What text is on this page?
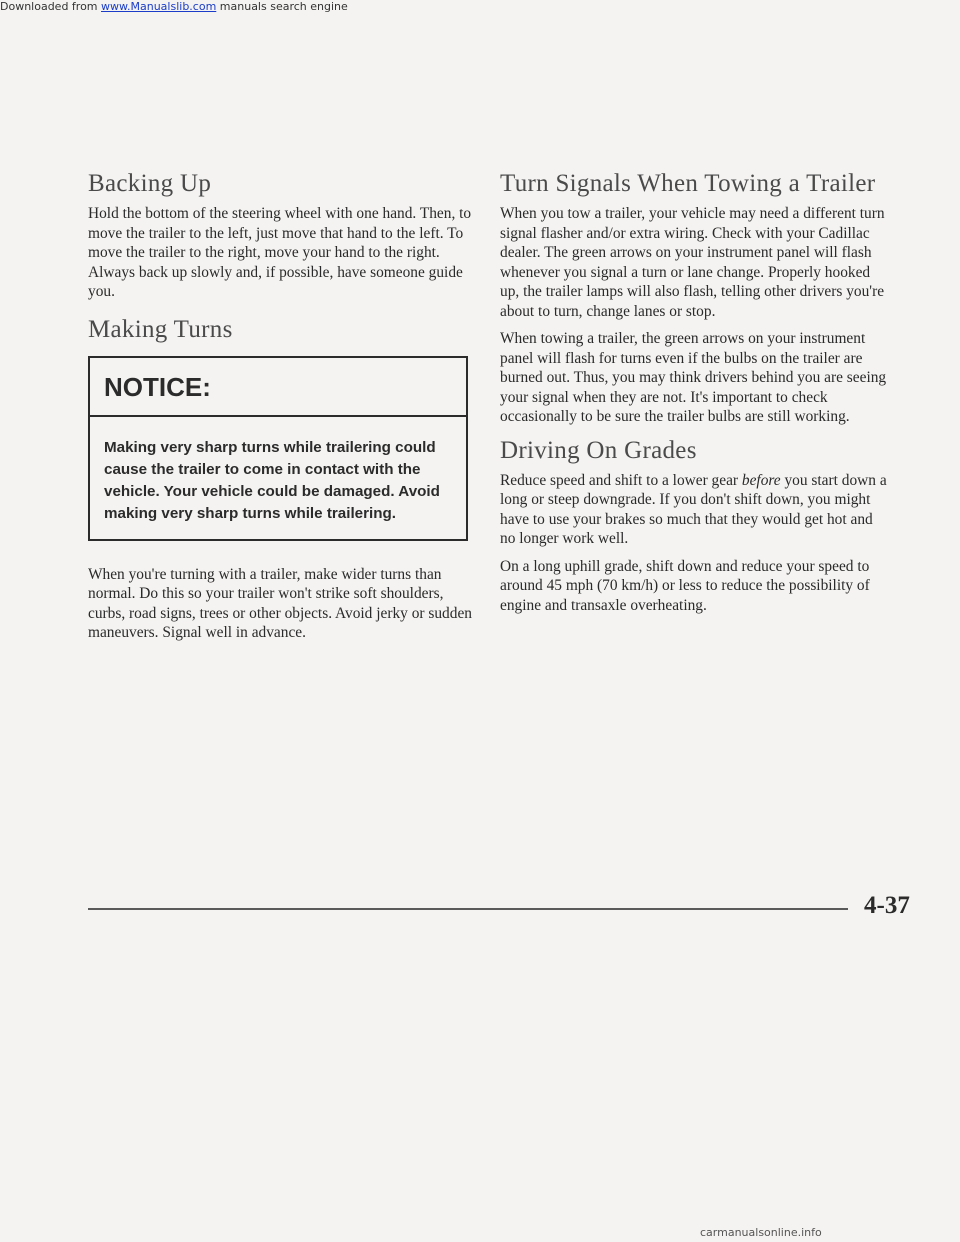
Backing Up

Hold the bottom of the steering wheel with one hand. Then, to move the trailer to the left, just move that hand to the left. To move the trailer to the right, move your hand to the right. Always back up slowly and, if possible, have someone guide you.

Making Turns
NOTICE:
Making very sharp turns while trailering could cause the trailer to come in contact with the vehicle. Your vehicle could be damaged. Avoid making very sharp turns while trailering.

When you're turning with a trailer, make wider turns than normal. Do this so your trailer won't strike soft shoulders, curbs, road signs, trees or other objects. Avoid jerky or sudden maneuvers. Signal well in advance.

Turn Signals When Towing a Trailer

When you tow a trailer, your vehicle may need a different turn signal flasher and/or extra wiring. Check with your Cadillac dealer. The green arrows on your instrument panel will flash whenever you signal a turn or lane change. Properly hooked up, the trailer lamps will also flash, telling other drivers you're about to turn, change lanes or stop.

When towing a trailer, the green arrows on your instrument panel will flash for turns even if the bulbs on the trailer are burned out. Thus, you may think drivers behind you are seeing your signal when they are not. It's important to check occasionally to be sure the trailer bulbs are still working.

Driving On Grades

Reduce speed and shift to a lower gear before you start down a long or steep downgrade. If you don't shift down, you might have to use your brakes so much that they would get hot and no longer work well.

On a long uphill grade, shift down and reduce your speed to around 45 mph (70 km/h) or less to reduce the possibility of engine and transaxle overheating.

4-37
Downloaded from www.Manualslib.com manuals search engine
carmanualsonline.info
